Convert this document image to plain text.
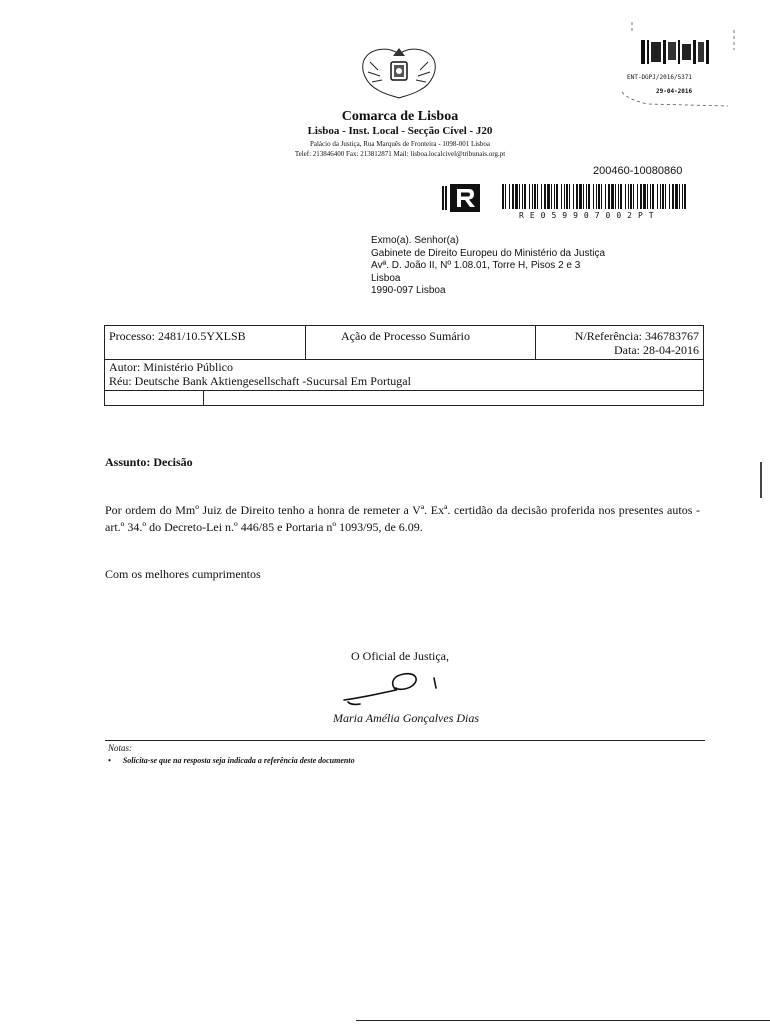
Comarca de Lisboa
Lisboa - Inst. Local - Secção Cível - J20
Palácio da Justiça, Rua Marquês de Fronteira - 1098-001 Lisboa
Telef: 213846400 Fax: 213812871 Mail: lisboa.localcivel@tribunais.org.pt
ENT-DGPJ/2016/5371
29-04-2016
200460-10080860
RE059907002PT
Exmo(a). Senhor(a)
Gabinete de Direito Europeu do Ministério da Justiça
Avª. D. João II, Nº 1.08.01, Torre H, Pisos 2 e 3
Lisboa
1990-097 Lisboa
Processo: 2481/10.5YXLSB	Ação de Processo Sumário	N/Referência: 346783767
Data: 28-04-2016
Autor: Ministério Público
Réu: Deutsche Bank Aktiengesellschaft -Sucursal Em Portugal
Assunto: Decisão
Por ordem do Mmº Juiz de Direito tenho a honra de remeter a Vª. Exª. certidão da decisão proferida nos presentes autos - art.º 34.º do Decreto-Lei n.º 446/85 e Portaria nº 1093/95, de 6.09.
Com os melhores cumprimentos
O Oficial de Justiça,
Maria Amélia Gonçalves Dias
Notas:
•      Solicita-se que na resposta seja indicada a referência deste documento
